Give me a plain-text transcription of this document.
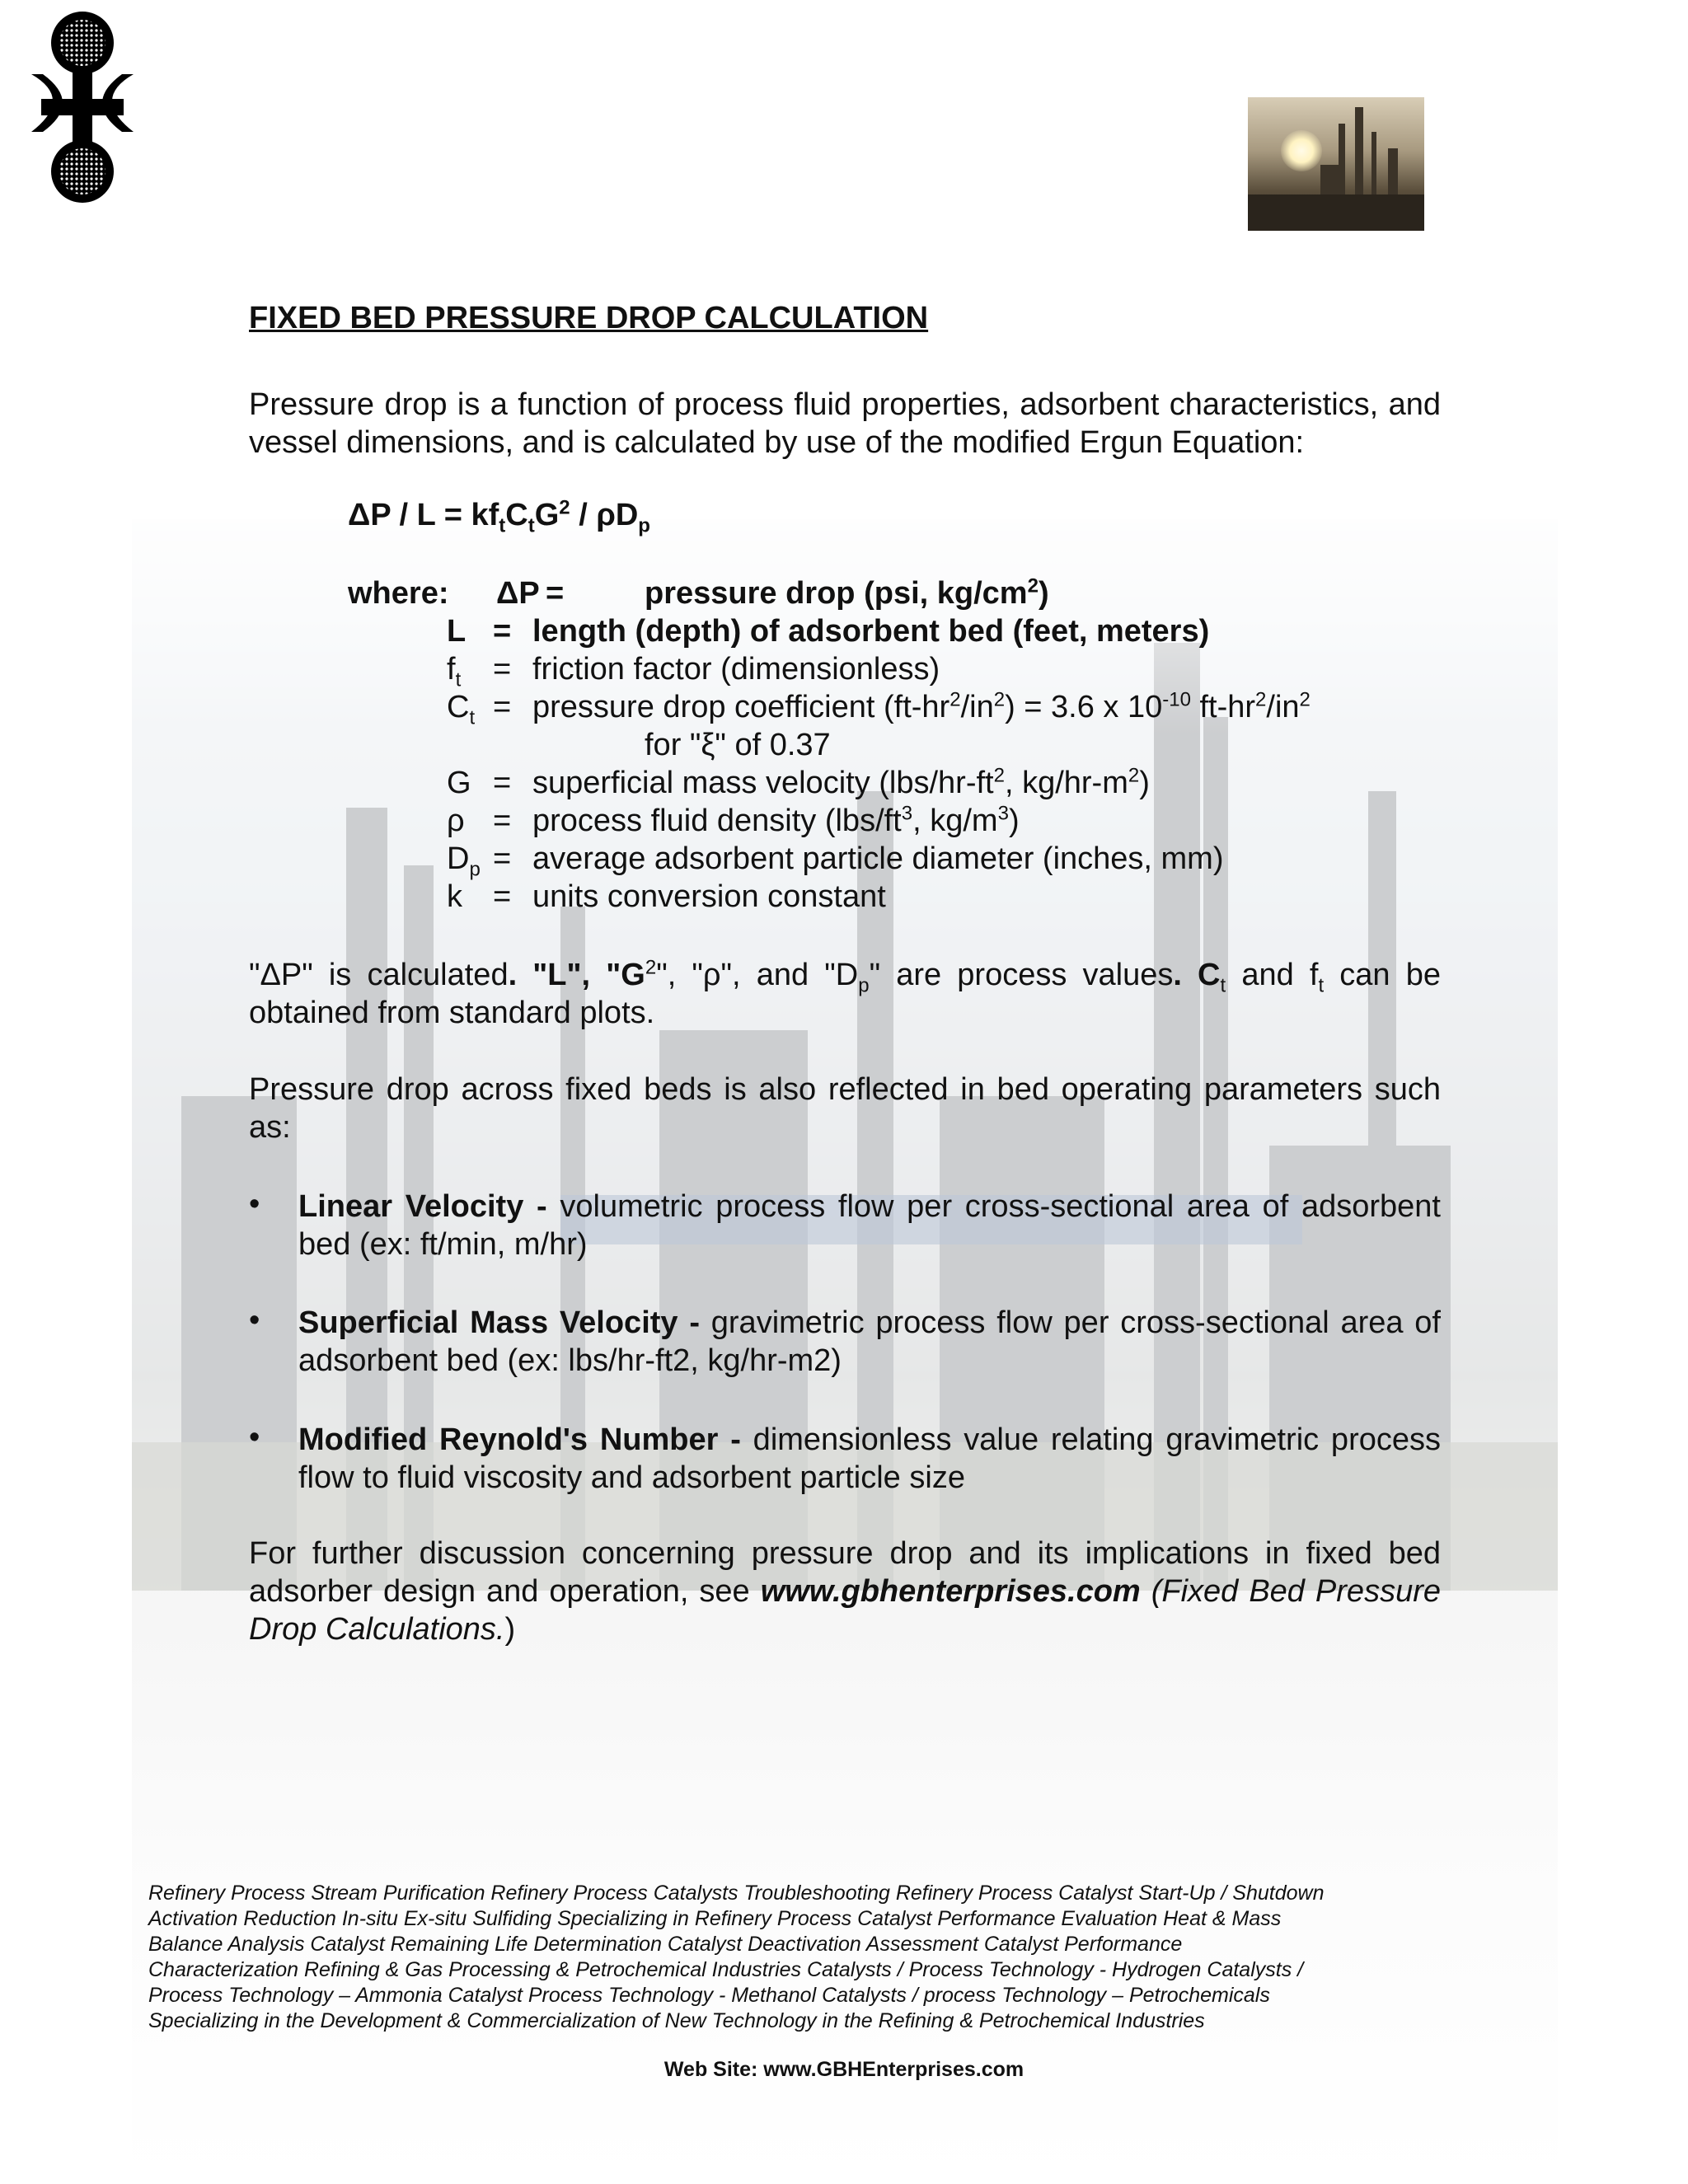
FIXED BED PRESSURE DROP CALCULATION
Pressure drop is a function of process fluid properties, adsorbent characteristics, and vessel dimensions, and is calculated by use of the modified Ergun Equation:
$\Delta P / L = kf_tC_tG^2 / \rho D_p$
where: ΔP =	pressure drop (psi, $kg/cm^2$)
L = length (depth) of adsorbent bed (feet, meters)
$f_t$ = friction factor (dimensionless)
$C_t$ = pressure drop coefficient $(ft-hr^2/in^2) = 3.6$ x $10^{-10}$ $ft-hr^2/in^2$
for "ξ" of 0.37
G = superficial mass velocity ($lbs/hr-ft^2$, $kg/hr-m^2$)
ρ = process fluid density ($lbs/ft^3$, $kg/m^3$)
$D_p$ = average adsorbent particle diameter (inches, mm)
k = units conversion constant
"ΔP" is calculated. "L", "$G^2$", "ρ", and "$D_p$" are process values. $C_t$ and $f_t$ can be obtained from standard plots.
Pressure drop across fixed beds is also reflected in bed operating parameters such as:
• Linear Velocity - volumetric process flow per cross-sectional area of adsorbent bed (ex: ft/min, m/hr)
• Superficial Mass Velocity - gravimetric process flow per cross-sectional area of adsorbent bed (ex: lbs/hr-ft2, kg/hr-m2)
• Modified Reynold's Number - dimensionless value relating gravimetric process flow to fluid viscosity and adsorbent particle size
For further discussion concerning pressure drop and its implications in fixed bed adsorber design and operation, see www.gbhenterprises.com (Fixed Bed Pressure Drop Calculations.)
Refinery Process Stream Purification Refinery Process Catalysts Troubleshooting Refinery Process Catalyst Start-Up / Shutdown
Activation Reduction In-situ Ex-situ Sulfiding Specializing in Refinery Process Catalyst Performance Evaluation Heat & Mass
Balance Analysis Catalyst Remaining Life Determination Catalyst Deactivation Assessment Catalyst Performance
Characterization Refining & Gas Processing & Petrochemical Industries Catalysts / Process Technology - Hydrogen Catalysts /
Process Technology – Ammonia Catalyst Process Technology - Methanol Catalysts / process Technology – Petrochemicals
Specializing in the Development & Commercialization of New Technology in the Refining & Petrochemical Industries
Web Site: www.GBHEnterprises.com
